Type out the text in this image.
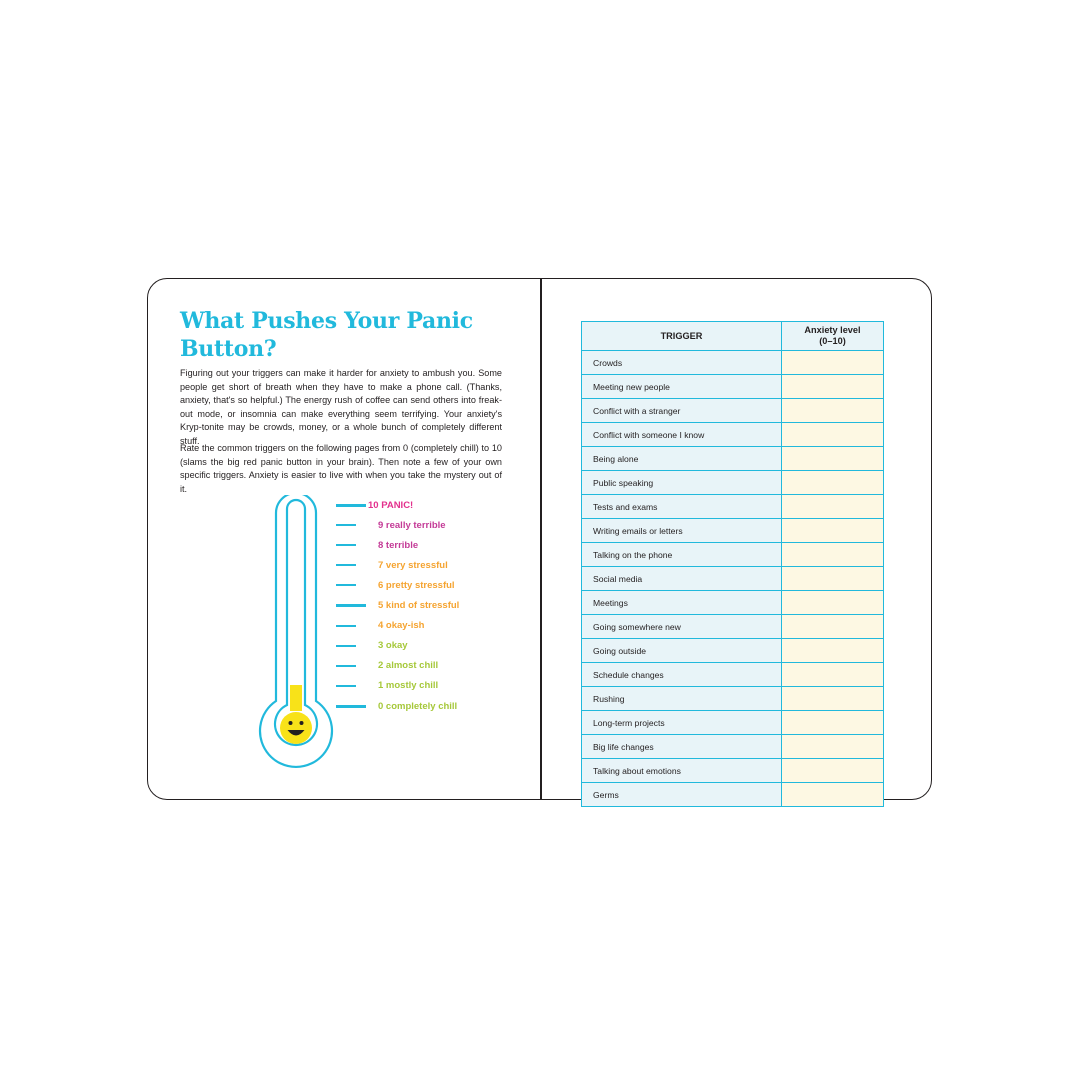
What Pushes Your Panic Button?

Figuring out your triggers can make it harder for anxiety to ambush you. Some people get short of breath when they have to make a phone call. (Thanks, anxiety, that's so helpful.) The energy rush of coffee can send others into freak-out mode, or insomnia can make everything seem terrifying. Your anxiety's Kryp-tonite may be crowds, money, or a whole bunch of completely different stuff.

Rate the common triggers on the following pages from 0 (completely chill) to 10 (slams the big red panic button in your brain). Then note a few of your own specific triggers. Anxiety is easier to live with when you take the mystery out of it.

10 PANIC!
9 really terrible
8 terrible
7 very stressful
6 pretty stressful
5 kind of stressful
4 okay-ish
3 okay
2 almost chill
1 mostly chill
0 completely chill
TRIGGER	Anxiety level
(0–10)
Crowds	
Meeting new people	
Conflict with a stranger	
Conflict with someone I know	
Being alone	
Public speaking	
Tests and exams	
Writing emails or letters	
Talking on the phone	
Social media	
Meetings	
Going somewhere new	
Going outside	
Schedule changes	
Rushing	
Long-term projects	
Big life changes	
Talking about emotions	
Germs	
